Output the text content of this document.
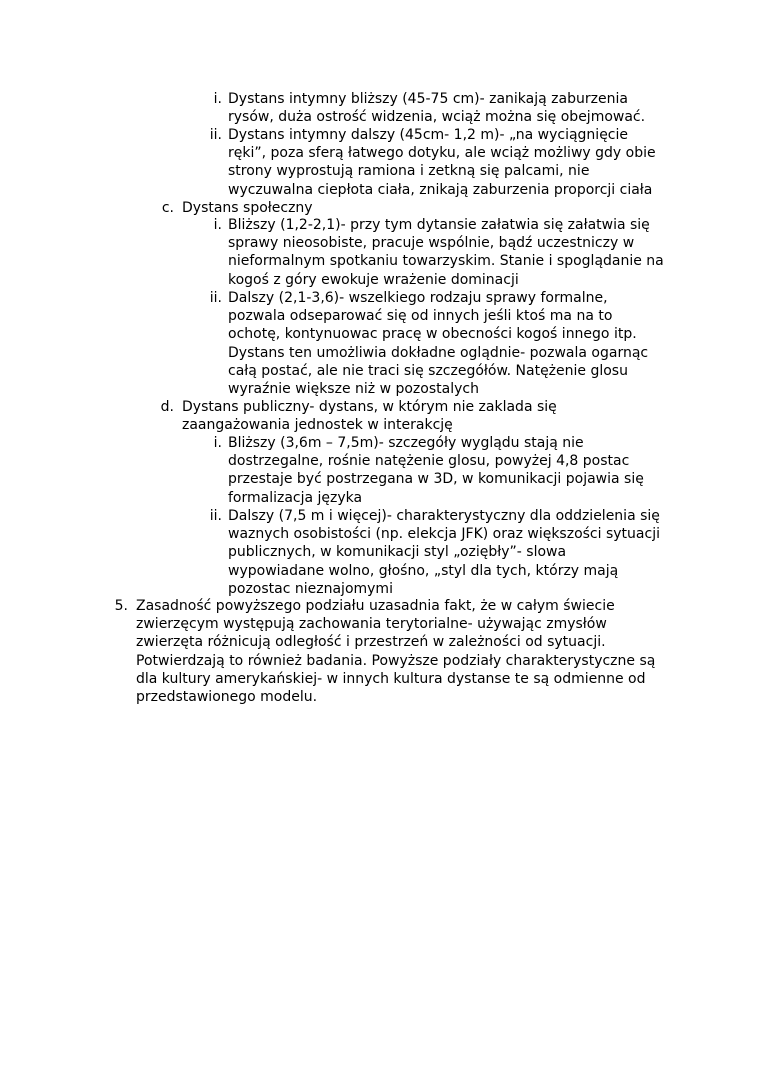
i. Dystans intymny bliższy (45-75 cm)- zanikają zaburzenia
rysów, duża ostrość widzenia, wciąż można się obejmować.
ii. Dystans intymny dalszy (45cm- 1,2 m)- „na wyciągnięcie
ręki”, poza sferą łatwego dotyku, ale wciąż możliwy gdy obie
strony wyprostują ramiona i zetkną się palcami, nie
wyczuwalna ciepłota ciała, znikają zaburzenia proporcji ciała
c. Dystans społeczny
i. Bliższy (1,2-2,1)- przy tym dytansie załatwia się załatwia się
sprawy nieosobiste, pracuje wspólnie, bądź uczestniczy w
nieformalnym spotkaniu towarzyskim. Stanie i spoglądanie na
kogoś z góry ewokuje wrażenie dominacji
ii. Dalszy (2,1-3,6)- wszelkiego rodzaju sprawy formalne,
pozwala odseparować się od innych jeśli ktoś ma na to
ochotę, kontynuowac pracę w obecności kogoś innego itp.
Dystans ten umożliwia dokładne oglądnie- pozwala ogarnąc
całą postać, ale nie traci się szczegółów. Natężenie glosu
wyraźnie większe niż w pozostalych
d. Dystans publiczny- dystans, w którym nie zaklada się
zaangażowania jednostek w interakcję
i. Bliższy (3,6m – 7,5m)- szczegóły wyglądu stają nie
dostrzegalne, rośnie natężenie glosu, powyżej 4,8 postac
przestaje być postrzegana w 3D, w komunikacji pojawia się
formalizacja języka
ii. Dalszy (7,5 m i więcej)- charakterystyczny dla oddzielenia się
waznych osobistości (np. elekcja JFK) oraz większości sytuacji
publicznych, w komunikacji styl „oziębły”- slowa
wypowiadane wolno, głośno, „styl dla tych, którzy mają
pozostac nieznajomymi
5. Zasadność powyższego podziału uzasadnia fakt, że w całym świecie
zwierzęcym występują zachowania terytorialne- używając zmysłów
zwierzęta różnicują odległość i przestrzeń w zależności od sytuacji.
Potwierdzają to również badania. Powyższe podziały charakterystyczne są
dla kultury amerykańskiej- w innych kultura dystanse te są odmienne od
przedstawionego modelu.
